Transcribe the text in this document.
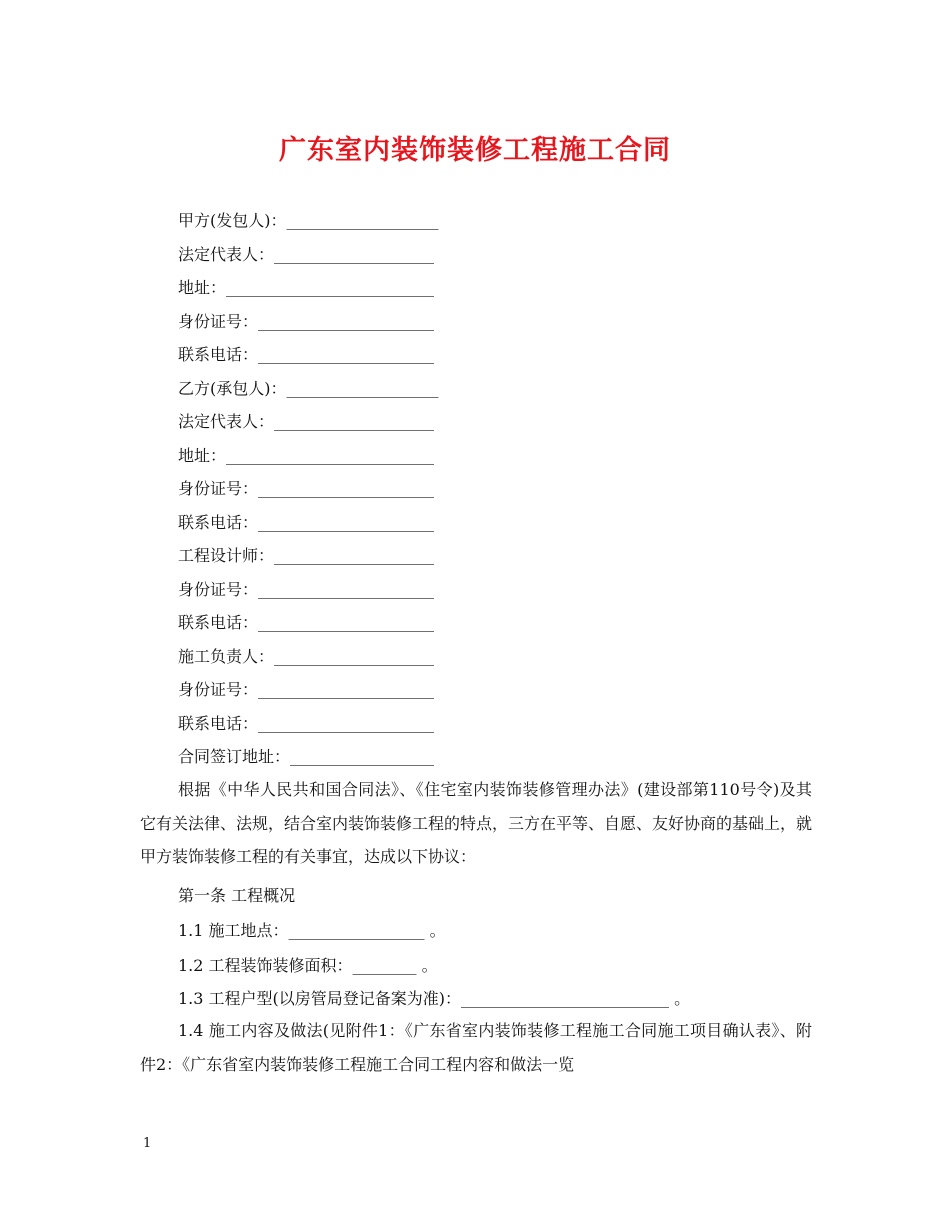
广东室内装饰装修工程施工合同

甲方(发包人)：___________________

法定代表人：____________________

地址：__________________________

身份证号：______________________

联系电话：______________________

乙方(承包人)：___________________

法定代表人：____________________

地址：__________________________

身份证号：______________________

联系电话：______________________

工程设计师：____________________

身份证号：______________________

联系电话：______________________

施工负责人：____________________

身份证号：______________________

联系电话：______________________

合同签订地址：__________________

根据《中华人民共和国合同法》、《住宅室内装饰装修管理办法》(建设部第110号令)及其它有关法律、法规，结合室内装饰装修工程的特点，三方在平等、自愿、友好协商的基础上，就甲方装饰装修工程的有关事宜，达成以下协议：

第一条 工程概况

1.1 施工地点：_________________ 。

1.2 工程装饰装修面积：________ 。

1.3 工程户型(以房管局登记备案为准)：__________________________ 。

1.4 施工内容及做法(见附件1：《广东省室内装饰装修工程施工合同施工项目确认表》、附件2：《广东省室内装饰装修工程施工合同工程内容和做法一览

1
